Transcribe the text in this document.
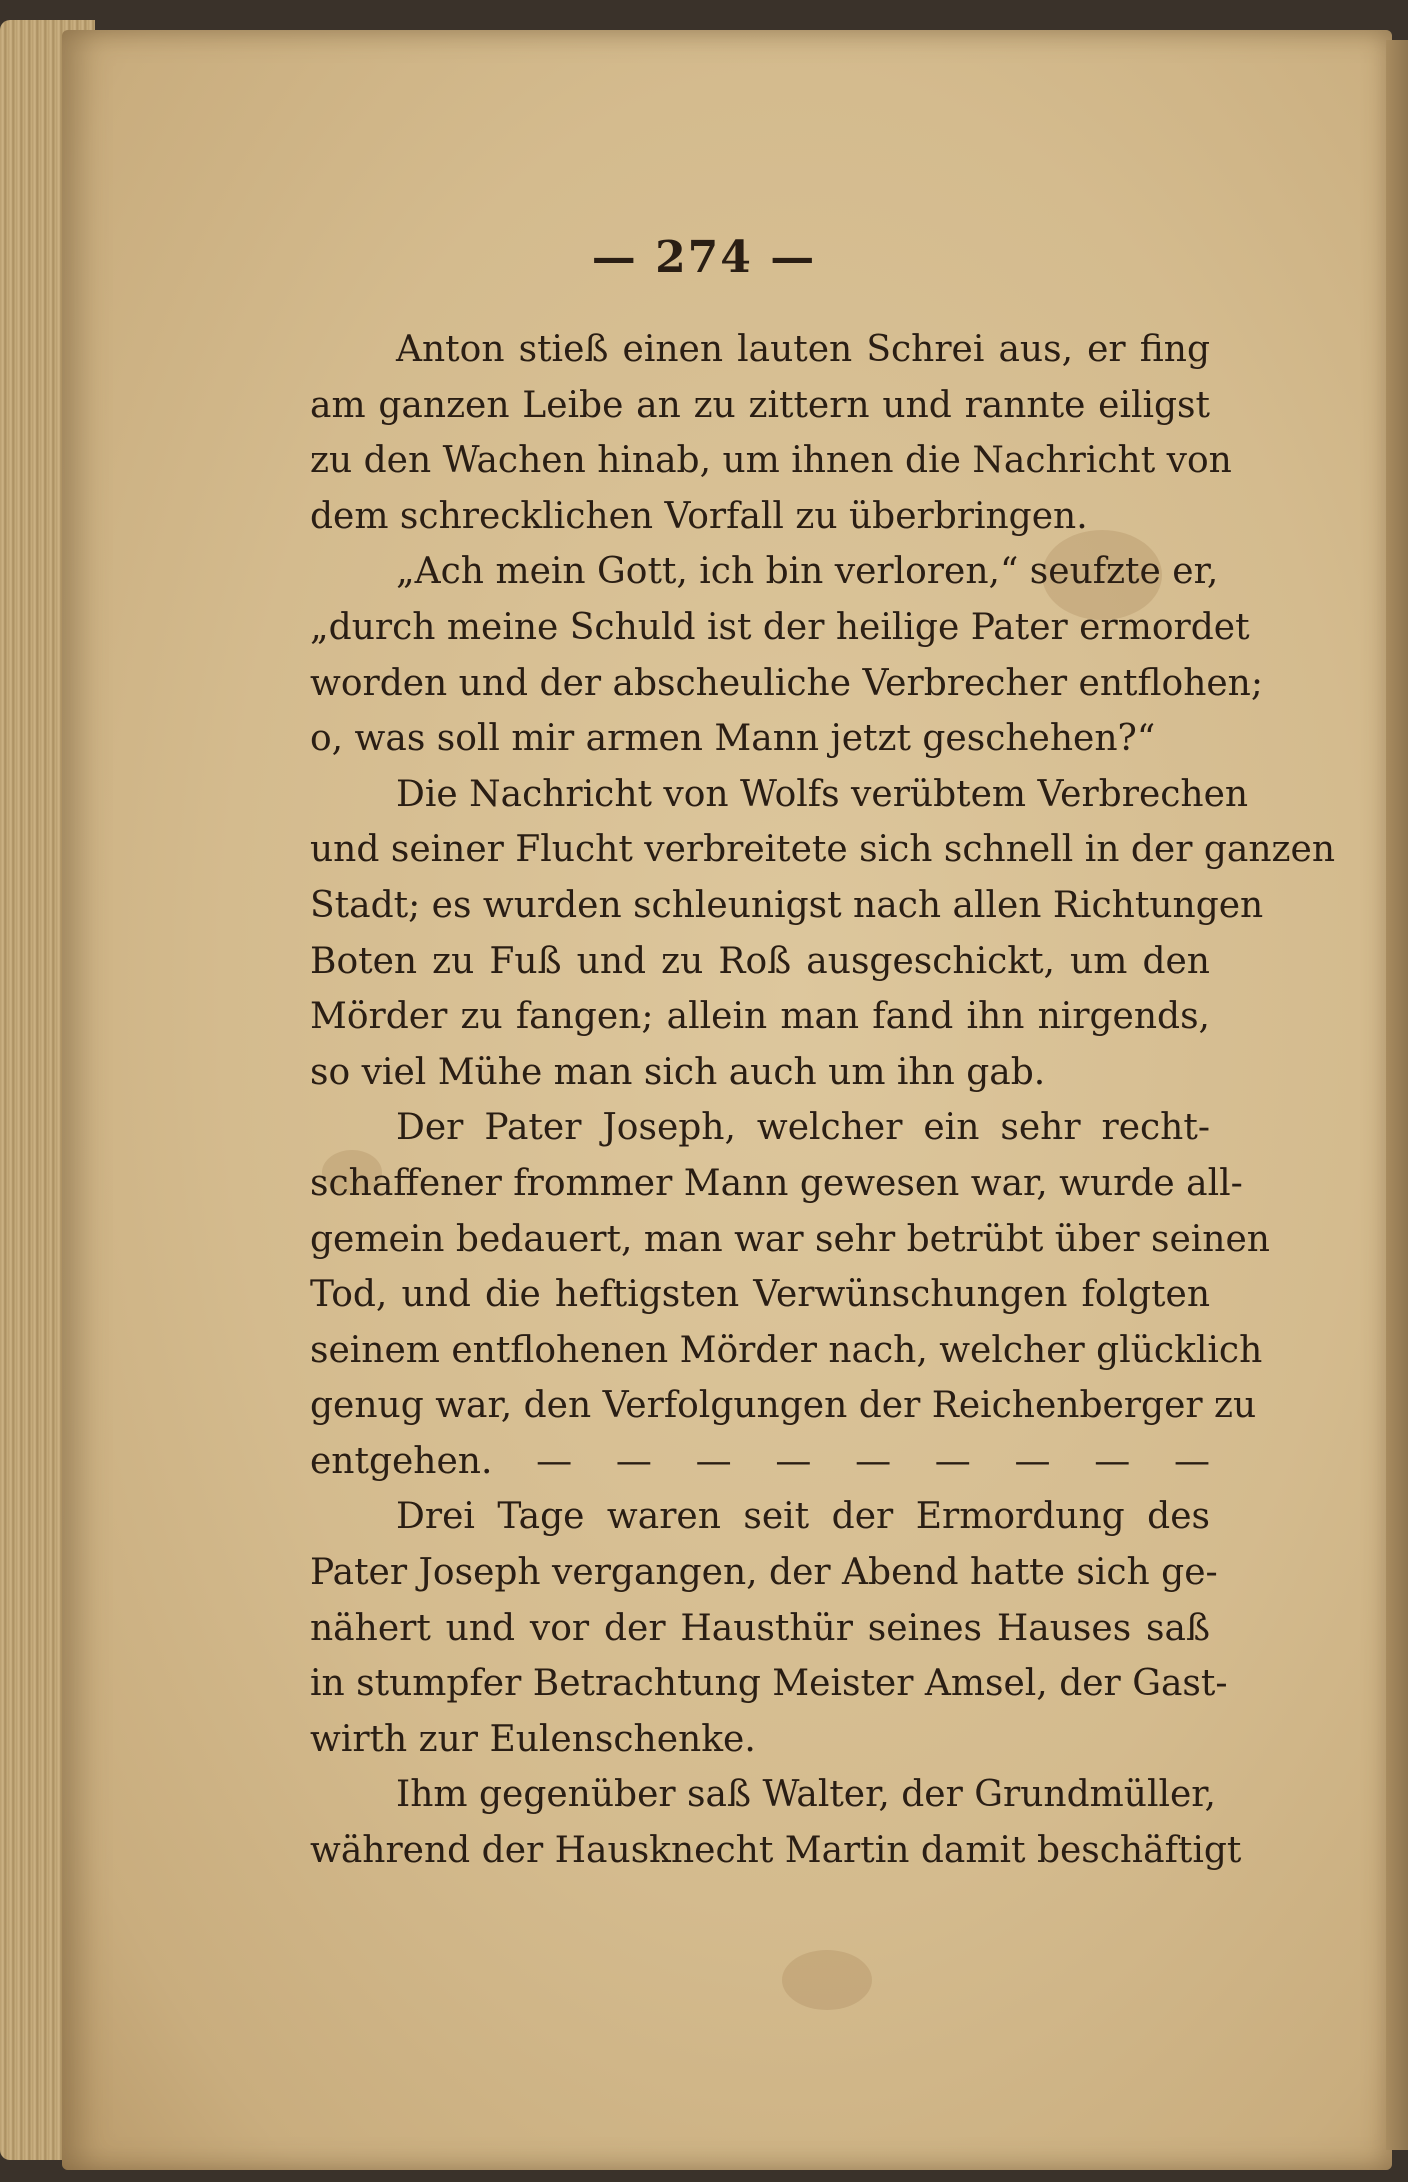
— 274 —
Anton stieß einen lauten Schrei aus, er fing
am ganzen Leibe an zu zittern und rannte eiligst
zu den Wachen hinab, um ihnen die Nachricht von
dem schrecklichen Vorfall zu überbringen.
„Ach mein Gott, ich bin verloren,“ seufzte er,
„durch meine Schuld ist der heilige Pater ermordet
worden und der abscheuliche Verbrecher entflohen;
o, was soll mir armen Mann jetzt geschehen?“
Die Nachricht von Wolfs verübtem Verbrechen
und seiner Flucht verbreitete sich schnell in der ganzen
Stadt; es wurden schleunigst nach allen Richtungen
Boten zu Fuß und zu Roß ausgeschickt, um den
Mörder zu fangen; allein man fand ihn nirgends,
so viel Mühe man sich auch um ihn gab.
Der Pater Joseph, welcher ein sehr recht-
schaffener frommer Mann gewesen war, wurde all-
gemein bedauert, man war sehr betrübt über seinen
Tod, und die heftigsten Verwünschungen folgten
seinem entflohenen Mörder nach, welcher glücklich
genug war, den Verfolgungen der Reichenberger zu
entgehen. — — — — — — — — —
Drei Tage waren seit der Ermordung des
Pater Joseph vergangen, der Abend hatte sich ge-
nähert und vor der Hausthür seines Hauses saß
in stumpfer Betrachtung Meister Amsel, der Gast-
wirth zur Eulenschenke.
Ihm gegenüber saß Walter, der Grundmüller,
während der Hausknecht Martin damit beschäftigt
